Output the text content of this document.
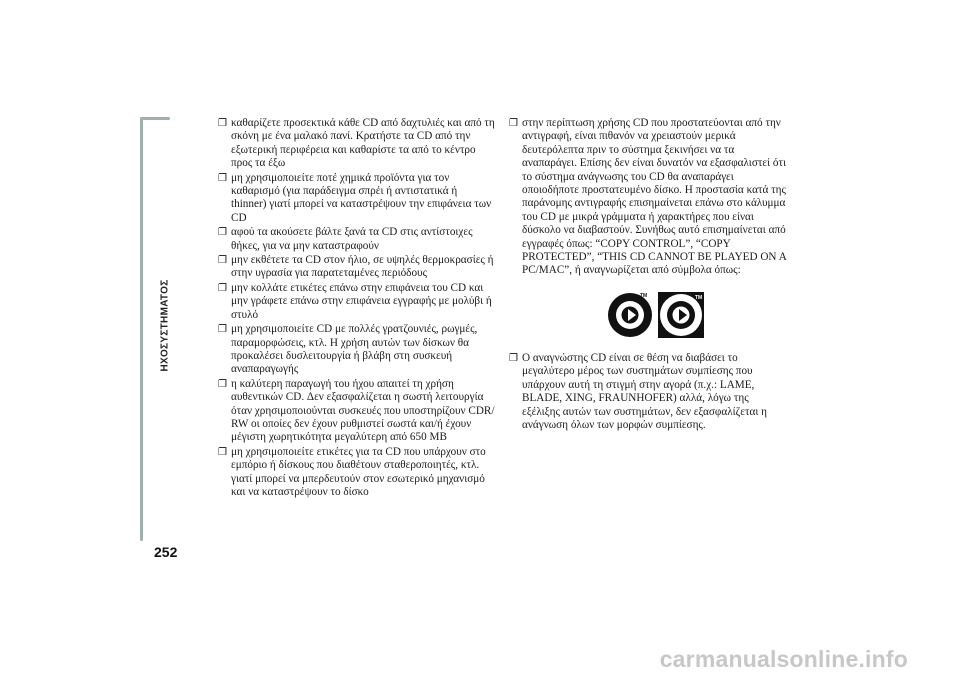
ΗΧΟΣΥΣΤΗΜΑΤΟΣ
252
❐ καθαρίζετε προσεκτικά κάθε CD από δαχτυλιές και από τη σκόνη με ένα μαλακό πανί. Κρατήστε τα CD από την εξωτερική περιφέρεια και καθαρίστε τα από το κέντρο προς τα έξω
❐ μη χρησιμοποιείτε ποτέ χημικά προϊόντα για τον καθαρισμό (για παράδειγμα σπρέι ή αντιστατικά ή thinner) γιατί μπορεί να καταστρέψουν την επιφάνεια των CD
❐ αφού τα ακούσετε βάλτε ξανά τα CD στις αντίστοιχες θήκες, για να μην καταστραφούν
❐ μην εκθέτετε τα CD στον ήλιο, σε υψηλές θερμοκρασίες ή στην υγρασία για παρατεταμένες περιόδους
❐ μην κολλάτε ετικέτες επάνω στην επιφάνεια του CD και μην γράφετε επάνω στην επιφάνεια εγγραφής με μολύβι ή στυλό
❐ μη χρησιμοποιείτε CD με πολλές γρατζουνιές, ρωγμές, παραμορφώσεις, κτλ. Η χρήση αυτών των δίσκων θα προκαλέσει δυσλειτουργία ή βλάβη στη συσκευή αναπαραγωγής
❐ η καλύτερη παραγωγή του ήχου απαιτεί τη χρήση αυθεντικών CD. Δεν εξασφαλίζεται η σωστή λειτουργία όταν χρησιμοποιούνται συσκευές που υποστηρίζουν CDR/ RW οι οποίες δεν έχουν ρυθμιστεί σωστά και/ή έχουν μέγιστη χωρητικότητα μεγαλύτερη από 650 MB
❐ μη χρησιμοποιείτε ετικέτες για τα CD που υπάρχουν στο εμπόριο ή δίσκους που διαθέτουν σταθεροποιητές, κτλ. γιατί μπορεί να μπερδευτούν στον εσωτερικό μηχανισμό και να καταστρέψουν το δίσκο
❐ στην περίπτωση χρήσης CD που προστατεύονται από την αντιγραφή, είναι πιθανόν να χρειαστούν μερικά δευτερόλεπτα πριν το σύστημα ξεκινήσει να τα αναπαράγει. Επίσης δεν είναι δυνατόν να εξασφαλιστεί ότι το σύστημα ανάγνωσης του CD θα αναπαράγει οποιοδήποτε προστατευμένο δίσκο. Η προστασία κατά της παράνομης αντιγραφής επισημαίνεται επάνω στο κάλυμμα του CD με μικρά γράμματα ή χαρακτήρες που είναι δύσκολο να διαβαστούν. Συνήθως αυτό επισημαίνεται από εγγραφές όπως: “COPY CONTROL”, “COPY PROTECTED”, “THIS CD CANNOT BE PLAYED ON A PC/MAC”, ή αναγνωρίζεται από σύμβολα όπως:
TM	TM
❐ Ο αναγνώστης CD είναι σε θέση να διαβάσει το μεγαλύτερο μέρος των συστημάτων συμπίεσης που υπάρχουν αυτή τη στιγμή στην αγορά (π.χ.: LAME, BLADE, XING, FRAUNHOFER) αλλά, λόγω της εξέλιξης αυτών των συστημάτων, δεν εξασφαλίζεται η ανάγνωση όλων των μορφών συμπίεσης.
carmanualsonline.info
